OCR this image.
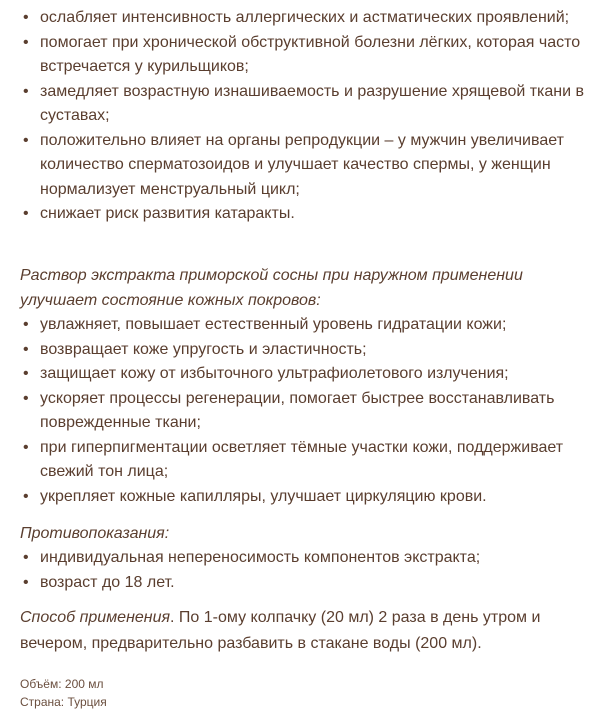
• ослабляет интенсивность аллергических и астматических проявлений;
• помогает при хронической обструктивной болезни лёгких, которая часто встречается у курильщиков;
• замедляет возрастную изнашиваемость и разрушение хрящевой ткани в суставах;
• положительно влияет на органы репродукции – у мужчин увеличивает количество сперматозоидов и улучшает качество спермы, у женщин нормализует менструальный цикл;
• снижает риск развития катаракты.
Раствор экстракта приморской сосны при наружном применении улучшает состояние кожных покровов:
• увлажняет, повышает естественный уровень гидратации кожи;
• возвращает коже упругость и эластичность;
• защищает кожу от избыточного ультрафиолетового излучения;
• ускоряет процессы регенерации, помогает быстрее восстанавливать поврежденные ткани;
• при гиперпигментации осветляет тёмные участки кожи, поддерживает свежий тон лица;
• укрепляет кожные капилляры, улучшает циркуляцию крови.
Противопоказания:
• индивидуальная непереносимость компонентов экстракта;
• возраст до 18 лет.
Способ применения. По 1-ому колпачку (20 мл) 2 раза в день утром и вечером, предварительно разбавить в стакане воды (200 мл).
Объём: 200 мл
Страна: Турция
